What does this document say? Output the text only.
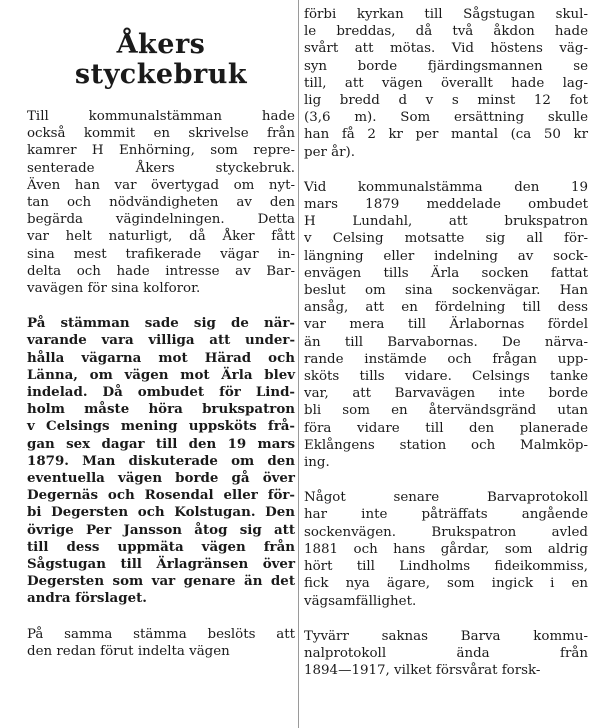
Åkers
styckebruk
Till kommunalstämman hade
också kommit en skrivelse från
kamrer H Enhörning, som repre-
senterade Åkers styckebruk.
Även han var övertygad om nyt-
tan och nödvändigheten av den
begärda vägindelningen. Detta
var helt naturligt, då Åker fått
sina mest trafikerade vägar in-
delta och hade intresse av Bar-
vavägen för sina kolforor.
På stämman sade sig de när-
varande vara villiga att under-
hålla vägarna mot Härad och
Länna, om vägen mot Ärla blev
indelad. Då ombudet för Lind-
holm måste höra brukspatron
v Celsings mening uppsköts frå-
gan sex dagar till den 19 mars
1879. Man diskuterade om den
eventuella vägen borde gå över
Degernäs och Rosendal eller för-
bi Degersten och Kolstugan. Den
övrige Per Jansson åtog sig att
till dess uppmäta vägen från
Sågstugan till Ärlagränsen över
Degersten som var genare än det
andra förslaget.
På samma stämma beslöts att
den redan förut indelta vägen
förbi kyrkan till Sågstugan skul-
le breddas, då två åkdon hade
svårt att mötas. Vid höstens väg-
syn borde fjärdingsmannen se
till, att vägen överallt hade lag-
lig bredd d v s minst 12 fot
(3,6 m). Som ersättning skulle
han få 2 kr per mantal (ca 50 kr
per år).
Vid kommunalstämma den 19
mars 1879 meddelade ombudet
H Lundahl, att brukspatron
v Celsing motsatte sig all för-
längning eller indelning av sock-
envägen tills Ärla socken fattat
beslut om sina sockenvägar. Han
ansåg, att en fördelning till dess
var mera till Ärlabornas fördel
än till Barvabornas. De närva-
rande instämde och frågan upp-
sköts tills vidare. Celsings tanke
var, att Barvavägen inte borde
bli som en återvändsgränd utan
föra vidare till den planerade
Eklångens station och Malmköp-
ing.
Något senare Barvaprotokoll
har inte påträffats angående
sockenvägen. Brukspatron avled
1881 och hans gårdar, som aldrig
hört till Lindholms fideikommiss,
fick nya ägare, som ingick i en
vägsamfällighet.
Tyvärr saknas Barva kommu-
nalprotokoll ända från
1894—1917, vilket försvårat forsk-
